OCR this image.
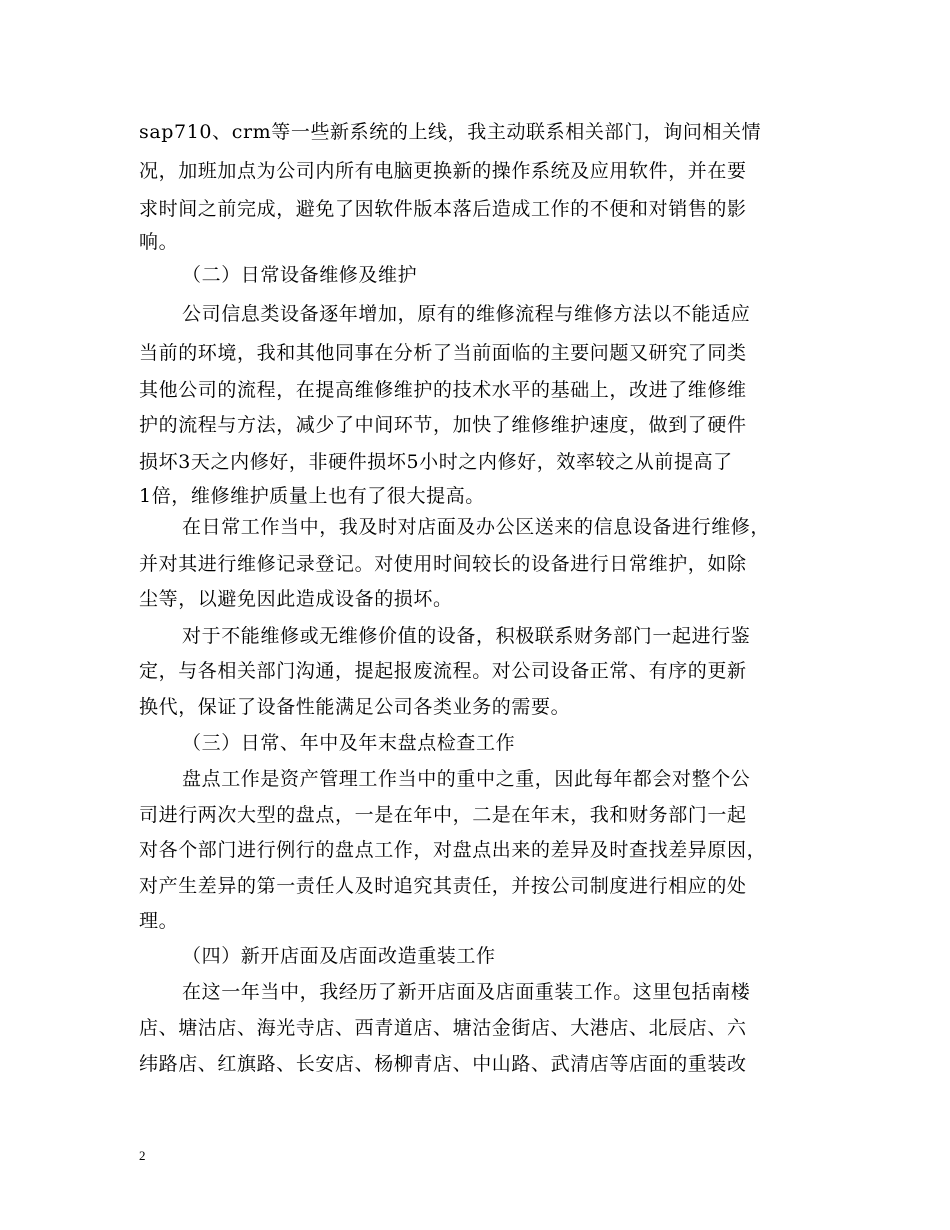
sap710、crm等一些新系统的上线，我主动联系相关部门，询问相关情
况，加班加点为公司内所有电脑更换新的操作系统及应用软件，并在要
求时间之前完成，避免了因软件版本落后造成工作的不便和对销售的影
响。
（二）日常设备维修及维护
公司信息类设备逐年增加，原有的维修流程与维修方法以不能适应
当前的环境，我和其他同事在分析了当前面临的主要问题又研究了同类
其他公司的流程，在提高维修维护的技术水平的基础上，改进了维修维
护的流程与方法，减少了中间环节，加快了维修维护速度，做到了硬件
损坏3天之内修好，非硬件损坏5小时之内修好，效率较之从前提高了
1倍，维修维护质量上也有了很大提高。
在日常工作当中，我及时对店面及办公区送来的信息设备进行维修，
并对其进行维修记录登记。对使用时间较长的设备进行日常维护，如除
尘等，以避免因此造成设备的损坏。
对于不能维修或无维修价值的设备，积极联系财务部门一起进行鉴
定，与各相关部门沟通，提起报废流程。对公司设备正常、有序的更新
换代，保证了设备性能满足公司各类业务的需要。
（三）日常、年中及年末盘点检查工作
盘点工作是资产管理工作当中的重中之重，因此每年都会对整个公
司进行两次大型的盘点，一是在年中，二是在年末，我和财务部门一起
对各个部门进行例行的盘点工作，对盘点出来的差异及时查找差异原因，
对产生差异的第一责任人及时追究其责任，并按公司制度进行相应的处
理。
（四）新开店面及店面改造重装工作
在这一年当中，我经历了新开店面及店面重装工作。这里包括南楼
店、塘沽店、海光寺店、西青道店、塘沽金街店、大港店、北辰店、六
纬路店、红旗路、长安店、杨柳青店、中山路、武清店等店面的重装改
2
